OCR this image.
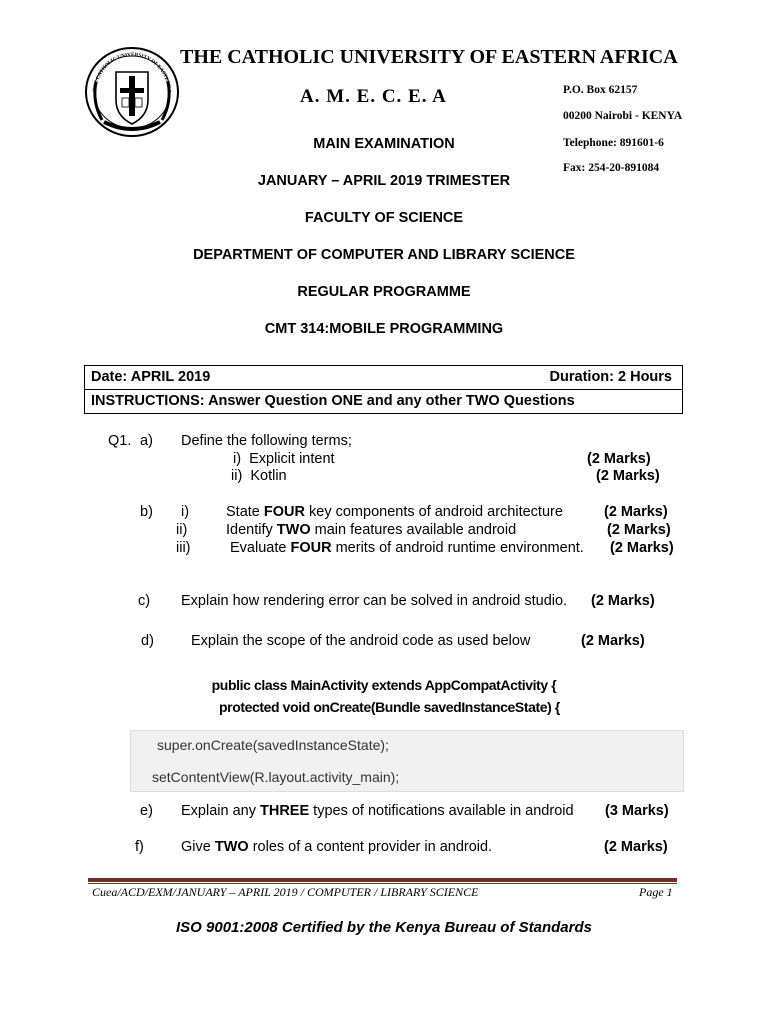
THE CATHOLIC UNIVERSITY OF EASTERN A
THE CATHOLIC UNIVERSITY OF EASTERN AFRICA
A. M. E. C. E. A	P.O. Box 62157
00200 Nairobi - KENYA
Telephone: 891601-6
Fax: 254-20-891084
MAIN EXAMINATION
JANUARY – APRIL 2019 TRIMESTER
FACULTY OF SCIENCE
DEPARTMENT OF COMPUTER AND LIBRARY SCIENCE
REGULAR PROGRAMME
CMT 314:MOBILE PROGRAMMING
Date: APRIL 2019	Duration: 2 Hours
INSTRUCTIONS: Answer Question ONE and any other TWO Questions
Q1. a) Define the following terms;
i) Explicit intent	(2 Marks)
ii) Kotlin	(2 Marks)
b) i)	State FOUR key components of android architecture	(2 Marks)
ii)	Identify TWO main features available android	(2 Marks)
iii)	Evaluate FOUR merits of android runtime environment. (2 Marks)
c) Explain how rendering error can be solved in android studio. (2 Marks)
d)	Explain the scope of the android code as used below	(2 Marks)
public class MainActivity extends AppCompatActivity {
protected void onCreate(Bundle savedInstanceState) {
super.onCreate(savedInstanceState);
setContentView(R.layout.activity_main);
e) Explain any THREE types of notifications available in android (3 Marks)
f)	Give TWO roles of a content provider in android.	(2 Marks)
Cuea/ACD/EXM/JANUARY – APRIL 2019 / COMPUTER / LIBRARY SCIENCE	Page 1
ISO 9001:2008 Certified by the Kenya Bureau of Standards
